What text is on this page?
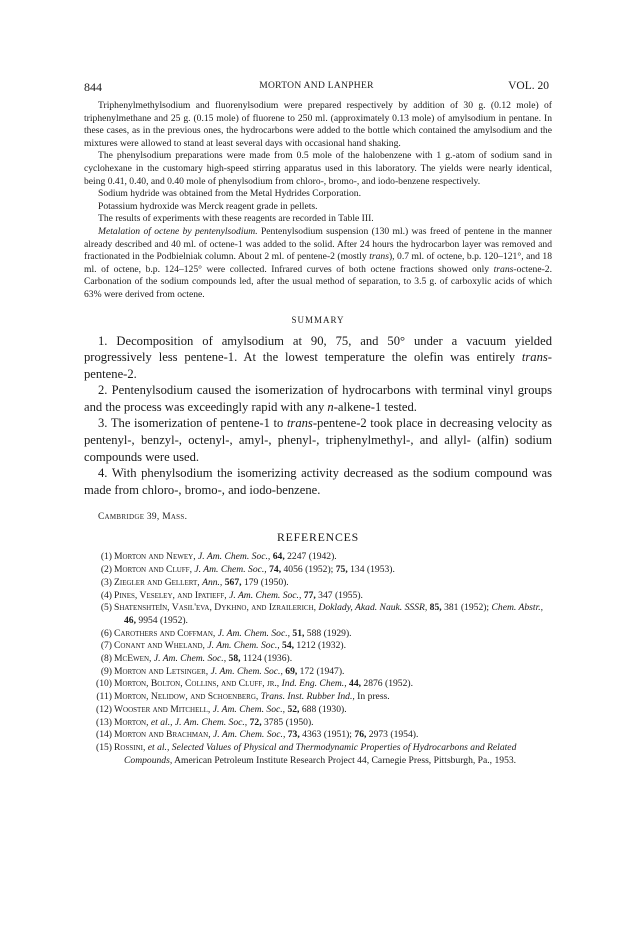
844	MORTON AND LANPHER	VOL. 20

Triphenylmethylsodium and fluorenylsodium were prepared respectively by addition of 30 g. (0.12 mole) of triphenylmethane and 25 g. (0.15 mole) of fluorene to 250 ml. (approximately 0.13 mole) of amylsodium in pentane. In these cases, as in the previous ones, the hydrocarbons were added to the bottle which contained the amylsodium and the mixtures were allowed to stand at least several days with occasional hand shaking.

The phenylsodium preparations were made from 0.5 mole of the halobenzene with 1 g.-atom of sodium sand in cyclohexane in the customary high-speed stirring apparatus used in this laboratory. The yields were nearly identical, being 0.41, 0.40, and 0.40 mole of phenylsodium from chloro-, bromo-, and iodo-benzene respectively.

Sodium hydride was obtained from the Metal Hydrides Corporation.

Potassium hydroxide was Merck reagent grade in pellets.

The results of experiments with these reagents are recorded in Table III.

Metalation of octene by pentenylsodium. Pentenylsodium suspension (130 ml.) was freed of pentene in the manner already described and 40 ml. of octene-1 was added to the solid. After 24 hours the hydrocarbon layer was removed and fractionated in the Podbielniak column. About 2 ml. of pentene-2 (mostly trans), 0.7 ml. of octene, b.p. 120–121°, and 18 ml. of octene, b.p. 124–125° were collected. Infrared curves of both octene fractions showed only trans-octene-2. Carbonation of the sodium compounds led, after the usual method of separation, to 3.5 g. of carboxylic acids of which 63% were derived from octene.

SUMMARY

1. Decomposition of amylsodium at 90, 75, and 50° under a vacuum yielded progressively less pentene-1. At the lowest temperature the olefin was entirely trans-pentene-2.

2. Pentenylsodium caused the isomerization of hydrocarbons with terminal vinyl groups and the process was exceedingly rapid with any n-alkene-1 tested.

3. The isomerization of pentene-1 to trans-pentene-2 took place in decreasing velocity as pentenyl-, benzyl-, octenyl-, amyl-, phenyl-, triphenylmethyl-, and allyl- (alfin) sodium compounds were used.

4. With phenylsodium the isomerizing activity decreased as the sodium compound was made from chloro-, bromo-, and iodo-benzene.

Cambridge 39, Mass.
REFERENCES
(1) Morton and Newey, J. Am. Chem. Soc., 64, 2247 (1942).
(2) Morton and Cluff, J. Am. Chem. Soc., 74, 4056 (1952); 75, 134 (1953).
(3) Ziegler and Gellert, Ann., 567, 179 (1950).
(4) Pines, Veseley, and Ipatieff, J. Am. Chem. Soc., 77, 347 (1955).
(5) Shatenshteĭn, Vasil'eva, Dykhno, and Izrailerich, Doklady, Akad. Nauk. SSSR, 85, 381 (1952); Chem. Abstr., 46, 9954 (1952).
(6) Carothers and Coffman, J. Am. Chem. Soc., 51, 588 (1929).
(7) Conant and Wheland, J. Am. Chem. Soc., 54, 1212 (1932).
(8) McEwen, J. Am. Chem. Soc., 58, 1124 (1936).
(9) Morton and Letsinger, J. Am. Chem. Soc., 69, 172 (1947).
(10) Morton, Bolton, Collins, and Cluff, jr., Ind. Eng. Chem., 44, 2876 (1952).
(11) Morton, Nelidow, and Schoenberg, Trans. Inst. Rubber Ind., In press.
(12) Wooster and Mitchell, J. Am. Chem. Soc., 52, 688 (1930).
(13) Morton, et al., J. Am. Chem. Soc., 72, 3785 (1950).
(14) Morton and Brachman, J. Am. Chem. Soc., 73, 4363 (1951); 76, 2973 (1954).
(15) Rossini, et al., Selected Values of Physical and Thermodynamic Properties of Hydrocarbons and Related Compounds, American Petroleum Institute Research Project 44, Carnegie Press, Pittsburgh, Pa., 1953.
